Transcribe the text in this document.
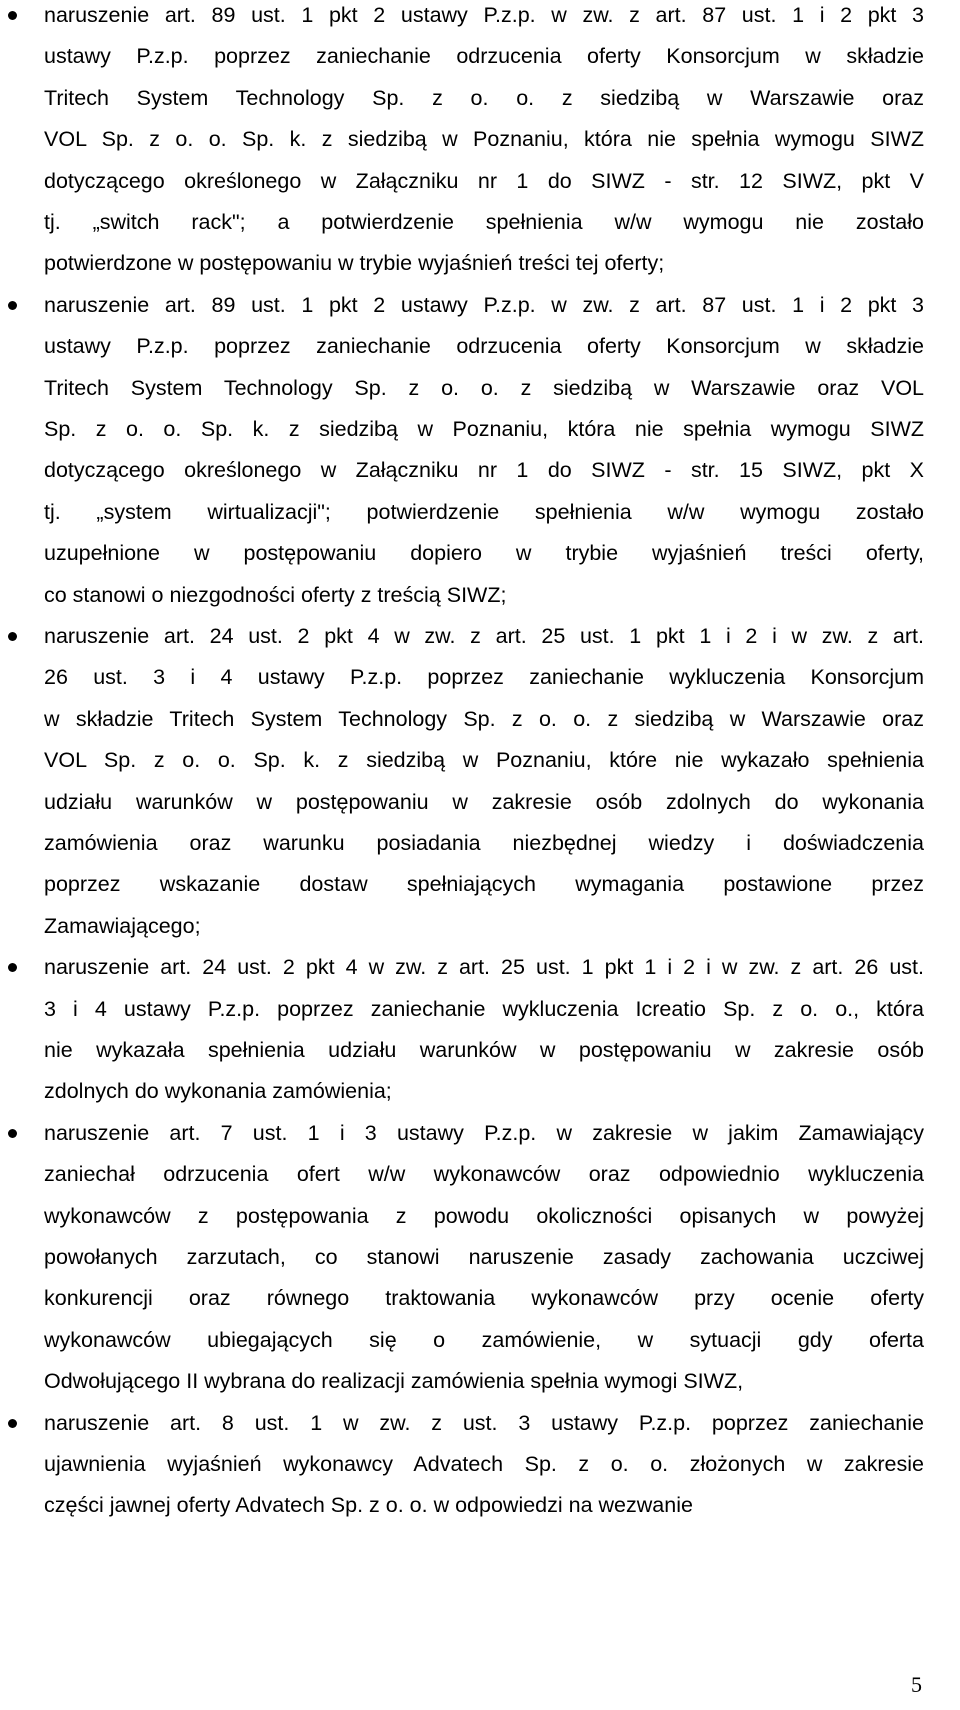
naruszenie art. 89 ust. 1 pkt 2 ustawy P.z.p. w zw. z art. 87 ust. 1 i 2 pkt 3
ustawy P.z.p. poprzez zaniechanie odrzucenia oferty Konsorcjum w składzie
Tritech System Technology Sp. z o. o. z siedzibą w Warszawie oraz
VOL Sp. z o. o. Sp. k. z siedzibą w Poznaniu, która nie spełnia wymogu SIWZ
dotyczącego określonego w Załączniku nr 1 do SIWZ - str. 12 SIWZ, pkt V
tj. „switch rack"; a potwierdzenie spełnienia w/w wymogu nie zostało
potwierdzone w postępowaniu w trybie wyjaśnień treści tej oferty;
naruszenie art. 89 ust. 1 pkt 2 ustawy P.z.p. w zw. z art. 87 ust. 1 i 2 pkt 3
ustawy P.z.p. poprzez zaniechanie odrzucenia oferty Konsorcjum w składzie
Tritech System Technology Sp. z o. o. z siedzibą w Warszawie oraz VOL
Sp. z o. o. Sp. k. z siedzibą w Poznaniu, która nie spełnia wymogu SIWZ
dotyczącego określonego w Załączniku nr 1 do SIWZ - str. 15 SIWZ, pkt X
tj. „system wirtualizacji"; potwierdzenie spełnienia w/w wymogu zostało
uzupełnione w postępowaniu dopiero w trybie wyjaśnień treści oferty,
co stanowi o niezgodności oferty z treścią SIWZ;
naruszenie art. 24 ust. 2 pkt 4 w zw. z art. 25 ust. 1 pkt 1 i 2 i w zw. z art.
26 ust. 3 i 4 ustawy P.z.p. poprzez zaniechanie wykluczenia Konsorcjum
w składzie Tritech System Technology Sp. z o. o. z siedzibą w Warszawie oraz
VOL Sp. z o. o. Sp. k. z siedzibą w Poznaniu, które nie wykazało spełnienia
udziału warunków w postępowaniu w zakresie osób zdolnych do wykonania
zamówienia oraz warunku posiadania niezbędnej wiedzy i doświadczenia
poprzez wskazanie dostaw spełniających wymagania postawione przez
Zamawiającego;
naruszenie art. 24 ust. 2 pkt 4 w zw. z art. 25 ust. 1 pkt 1 i 2 i w zw. z art. 26 ust.
3 i 4 ustawy P.z.p. poprzez zaniechanie wykluczenia Icreatio Sp. z o. o., która
nie wykazała spełnienia udziału warunków w postępowaniu w zakresie osób
zdolnych do wykonania zamówienia;
naruszenie art. 7 ust. 1 i 3 ustawy P.z.p. w zakresie w jakim Zamawiający
zaniechał odrzucenia ofert w/w wykonawców oraz odpowiednio wykluczenia
wykonawców z postępowania z powodu okoliczności opisanych w powyżej
powołanych zarzutach, co stanowi naruszenie zasady zachowania uczciwej
konkurencji oraz równego traktowania wykonawców przy ocenie oferty
wykonawców ubiegających się o zamówienie, w sytuacji gdy oferta
Odwołującego II wybrana do realizacji zamówienia spełnia wymogi SIWZ,
naruszenie art. 8 ust. 1 w zw. z ust. 3 ustawy P.z.p. poprzez zaniechanie
ujawnienia wyjaśnień wykonawcy Advatech Sp. z o. o. złożonych w zakresie
części jawnej oferty Advatech Sp. z o. o. w odpowiedzi na wezwanie
5
